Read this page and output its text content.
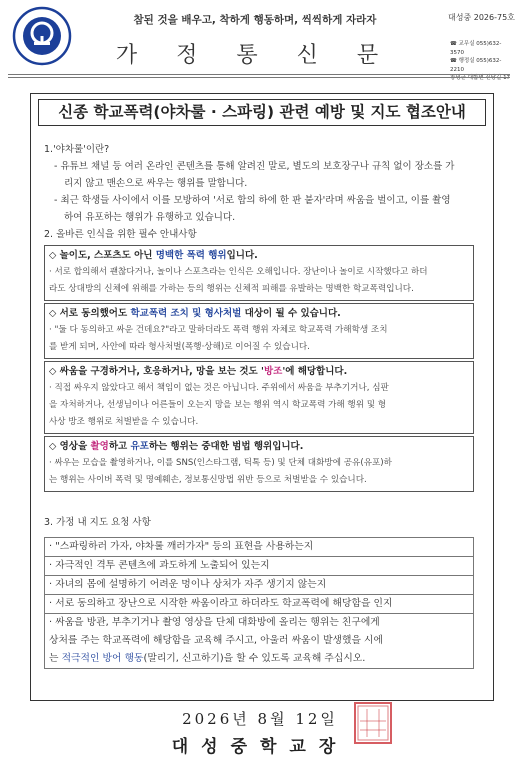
참된 것을 배우고, 착하게 행동하며, 씩씩하게 자라자
가 정 통 신 문
대성중 2026-75호
☎ 교무실 055)632-3570
☎ 행정실 055)632-2210
창녕군 대합면 신당길 17
신종 학교폭력(야차룰 · 스파링) 관련 예방 및 지도 협조안내
1.'야차룰'이란?
- 유튜브 채널 등 여러 온라인 콘텐츠를 통해 알려진 말로, 별도의 보호장구나 규칙 없이 장소를 가
리지 않고 맨손으로 싸우는 행위를 말합니다.
- 최근 학생들 사이에서 이를 모방하여 '서로 합의 하에 한 판 붙자'라며 싸움을 벌이고, 이를 촬영
하여 유포하는 행위가 유행하고 있습니다.
2. 올바른 인식을 위한 필수 안내사항
◇ 놀이도, 스포츠도 아닌 명백한 폭력 행위입니다.
· 서로 합의해서 괜찮다거나, 놀이나 스포츠라는 인식은 오해입니다. 장난이나 놀이로 시작했다고 하더
라도 상대방의 신체에 위해를 가하는 등의 행위는 신체적 피해를 유발하는 명백한 학교폭력입니다.
◇ 서로 동의했어도 학교폭력 조치 및 형사처벌 대상이 될 수 있습니다.
· "둘 다 동의하고 싸운 건데요?"라고 말하더라도 폭력 행위 자체로 학교폭력 가해학생 조치
를 받게 되며, 사안에 따라 형사처벌(폭행·상해)로 이어질 수 있습니다.
◇ 싸움을 구경하거나, 호응하거나, 망을 보는 것도 '방조'에 해당합니다.
· 직접 싸우지 않았다고 해서 책임이 없는 것은 아닙니다. 주위에서 싸움을 부추기거나, 심판
을 자처하거나, 선생님이나 어른들이 오는지 망을 보는 행위 역시 학교폭력 가해 행위 및 형
사상 방조 행위로 처벌받을 수 있습니다.
◇ 영상을 촬영하고 유포하는 행위는 중대한 범법 행위입니다.
· 싸우는 모습을 촬영하거나, 이를 SNS(인스타그램, 틱톡 등) 및 단체 대화방에 공유(유포)하
는 행위는 사이버 폭력 및 명예훼손, 정보통신망법 위반 등으로 처벌받을 수 있습니다.
3. 가정 내 지도 요청 사항
· "스파링하러 가자, 야차룰 깨러가자" 등의 표현을 사용하는지
· 자극적인 격투 콘텐츠에 과도하게 노출되어 있는지
· 자녀의 몸에 설명하기 어려운 멍이나 상처가 자주 생기지 않는지
· 서로 동의하고 장난으로 시작한 싸움이라고 하더라도 학교폭력에 해당함을 인지
· 싸움을 방관, 부추기거나 촬영 영상을 단체 대화방에 올리는 행위는 친구에게
상처를 주는 학교폭력에 해당함을 교육해 주시고, 아울러 싸움이 발생했을 시에
는 적극적인 방어 행동(말리기, 신고하기)을 할 수 있도록 교육해 주십시오.
2026년 8월 12일
대성중학교장
